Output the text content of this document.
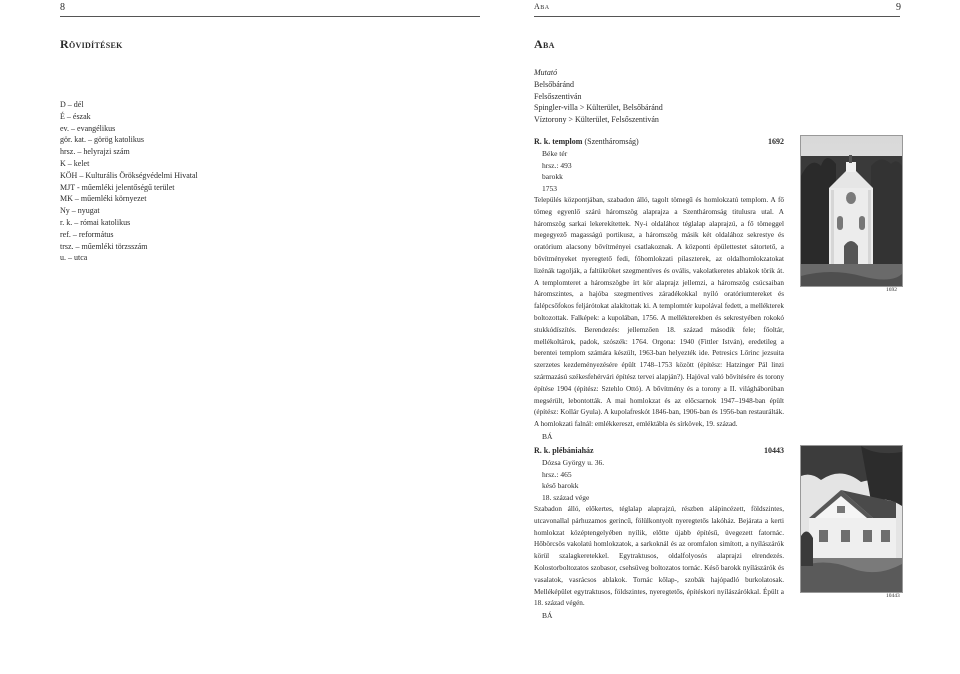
8	Aba	9
Rövidítések
D – dél
É – észak
ev. – evangélikus
gör. kat. – görög katolikus
hrsz. – helyrajzi szám
K – kelet
KÖH – Kulturális Örökségvédelmi Hivatal
MJT - műemléki jelentőségű terület
MK – műemléki környezet
Ny – nyugat
r. k. – római katolikus
ref. – református
trsz. – műemléki törzsszám
u. – utca
Aba
Mutató
Belsőbáránd
Felsőszentiván
Spingler-villa > Külterület, Belsőbáránd
Víztorony > Külterület, Felsőszentiván
R. k. templom (Szentháromság)	1692
Béke tér
hrsz.: 493
barokk
1753
Település központjában, szabadon álló, tagolt tömegű és homlokzatú templom. A fő tömeg egyenlő szárú háromszög alaprajza a Szentháromság titulusra utal. A háromszög sarkai lekerekítettek. Ny-i oldalához téglalap alaprajzú, a fő tömeggel megegyező magasságú portikusz, a háromszög másik két oldalához sekrestye és oratórium alacsony bővítményei csatlakoznak. A központi épülettestet sátortető, a bővítményeket nyeregtető fedi, főhomlokzati pilaszterek, az oldalhomlokzatokat lizénák tagolják, a faltükröket szegmentíves és ovális, vakolatkeretes ablakok törik át. A templomteret a háromszögbe írt kör alaprajz jellemzi, a háromszög csúcsaiban háromszintes, a hajóba szegmentíves záradékokkal nyíló oratóriumtereket és falépcsőfokos feljárótokat alakítottak ki. A templomtér kupolával fedett, a mellékterek boltozottak. Falképek: a kupolában, 1756. A mellékterekben és sekrestyében rokokó stukkódíszítés. Berendezés: jellemzően 18. század második fele; főoltár, mellékoltárok, padok, szószék: 1764. Orgona: 1940 (Fittler István), eredetileg a berentei templom számára készült, 1963-ban helyezték ide. Petresics Lőrinc jezsuita szerzetes kezdeményezésére épült 1748–1753 között (építész: Hatzinger Pál linzi származású székesfehérvári építész tervei alapján?). Hajóval való bővítésére és torony építése 1904 (építész: Sztehlo Ottó). A bővítmény és a torony a II. világháborúban megsérült, lebontották. A mai homlokzat és az előcsarnok 1947–1948-ban épült (építész: Kollár Gyula). A kupolafreskót 1846-ban, 1906-ban és 1956-ban restaurálták. A homlokzati falnál: emlékkereszt, emléktábla és sírkövek, 19. század.
BÁ
1692
R. k. plébániaház	10443
Dózsa György u. 36.
hrsz.: 465
késő barokk
18. század vége
Szabadon álló, előkertes, téglalap alaprajzú, részben alápincézett, földszintes, utcavonallal párhuzamos gerincű, fölülkontyolt nyeregtetős lakóház. Bejárata a kerti homlokzat középtengelyében nyílik, előtte újabb építésű, üvegezett fatornác. Hőbörcsös vakolatú homlokzatok, a sarkoknál és az oromfalon simított, a nyílászárók körül szalagkeretekkel. Egytraktusos, oldalfolyosós alaprajzi elrendezés. Kolostorboltozatos szobasor, csehsüveg boltozatos tornác. Késő barokk nyílászárók és vasalatok, vasrácsos ablakok. Tornác kőlap-, szobák hajópadló burkolatosak. Melléképület egytraktusos, földszintes, nyeregtetős, építéskori nyílászárókkal. Épült a 18. század végén.
BÁ
10443
